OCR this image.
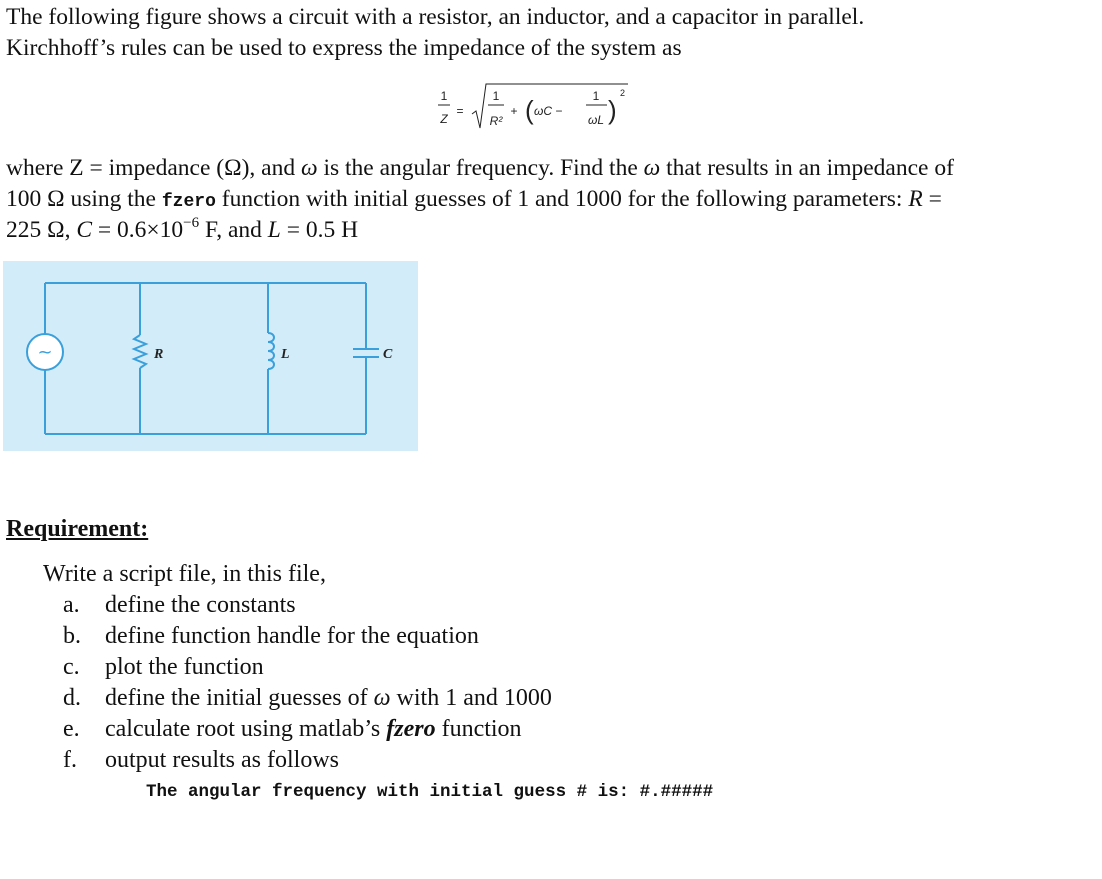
The following figure shows a circuit with a resistor, an inductor, and a capacitor in parallel.
Kirchhoff’s rules can be used to express the impedance of the system as
1
Z
=
1
R²
+ ( ωC −
1
ωL )
2
where Z = impedance (Ω), and ω is the angular frequency. Find the ω that results in an impedance of
100 Ω using the fzero function with initial guesses of 1 and 1000 for the following parameters: R =
225 Ω, $C = 0.6\times 10^{-6}$ F, and L = 0.5 H
~	R	L	C
Requirement:
Write a script file, in this file,
a. define the constants
b. define function handle for the equation
c. plot the function
d. define the initial guesses of ω with 1 and 1000
e. calculate root using matlab’s fzero function
f. output results as follows
The angular frequency with initial guess # is: #.#####
